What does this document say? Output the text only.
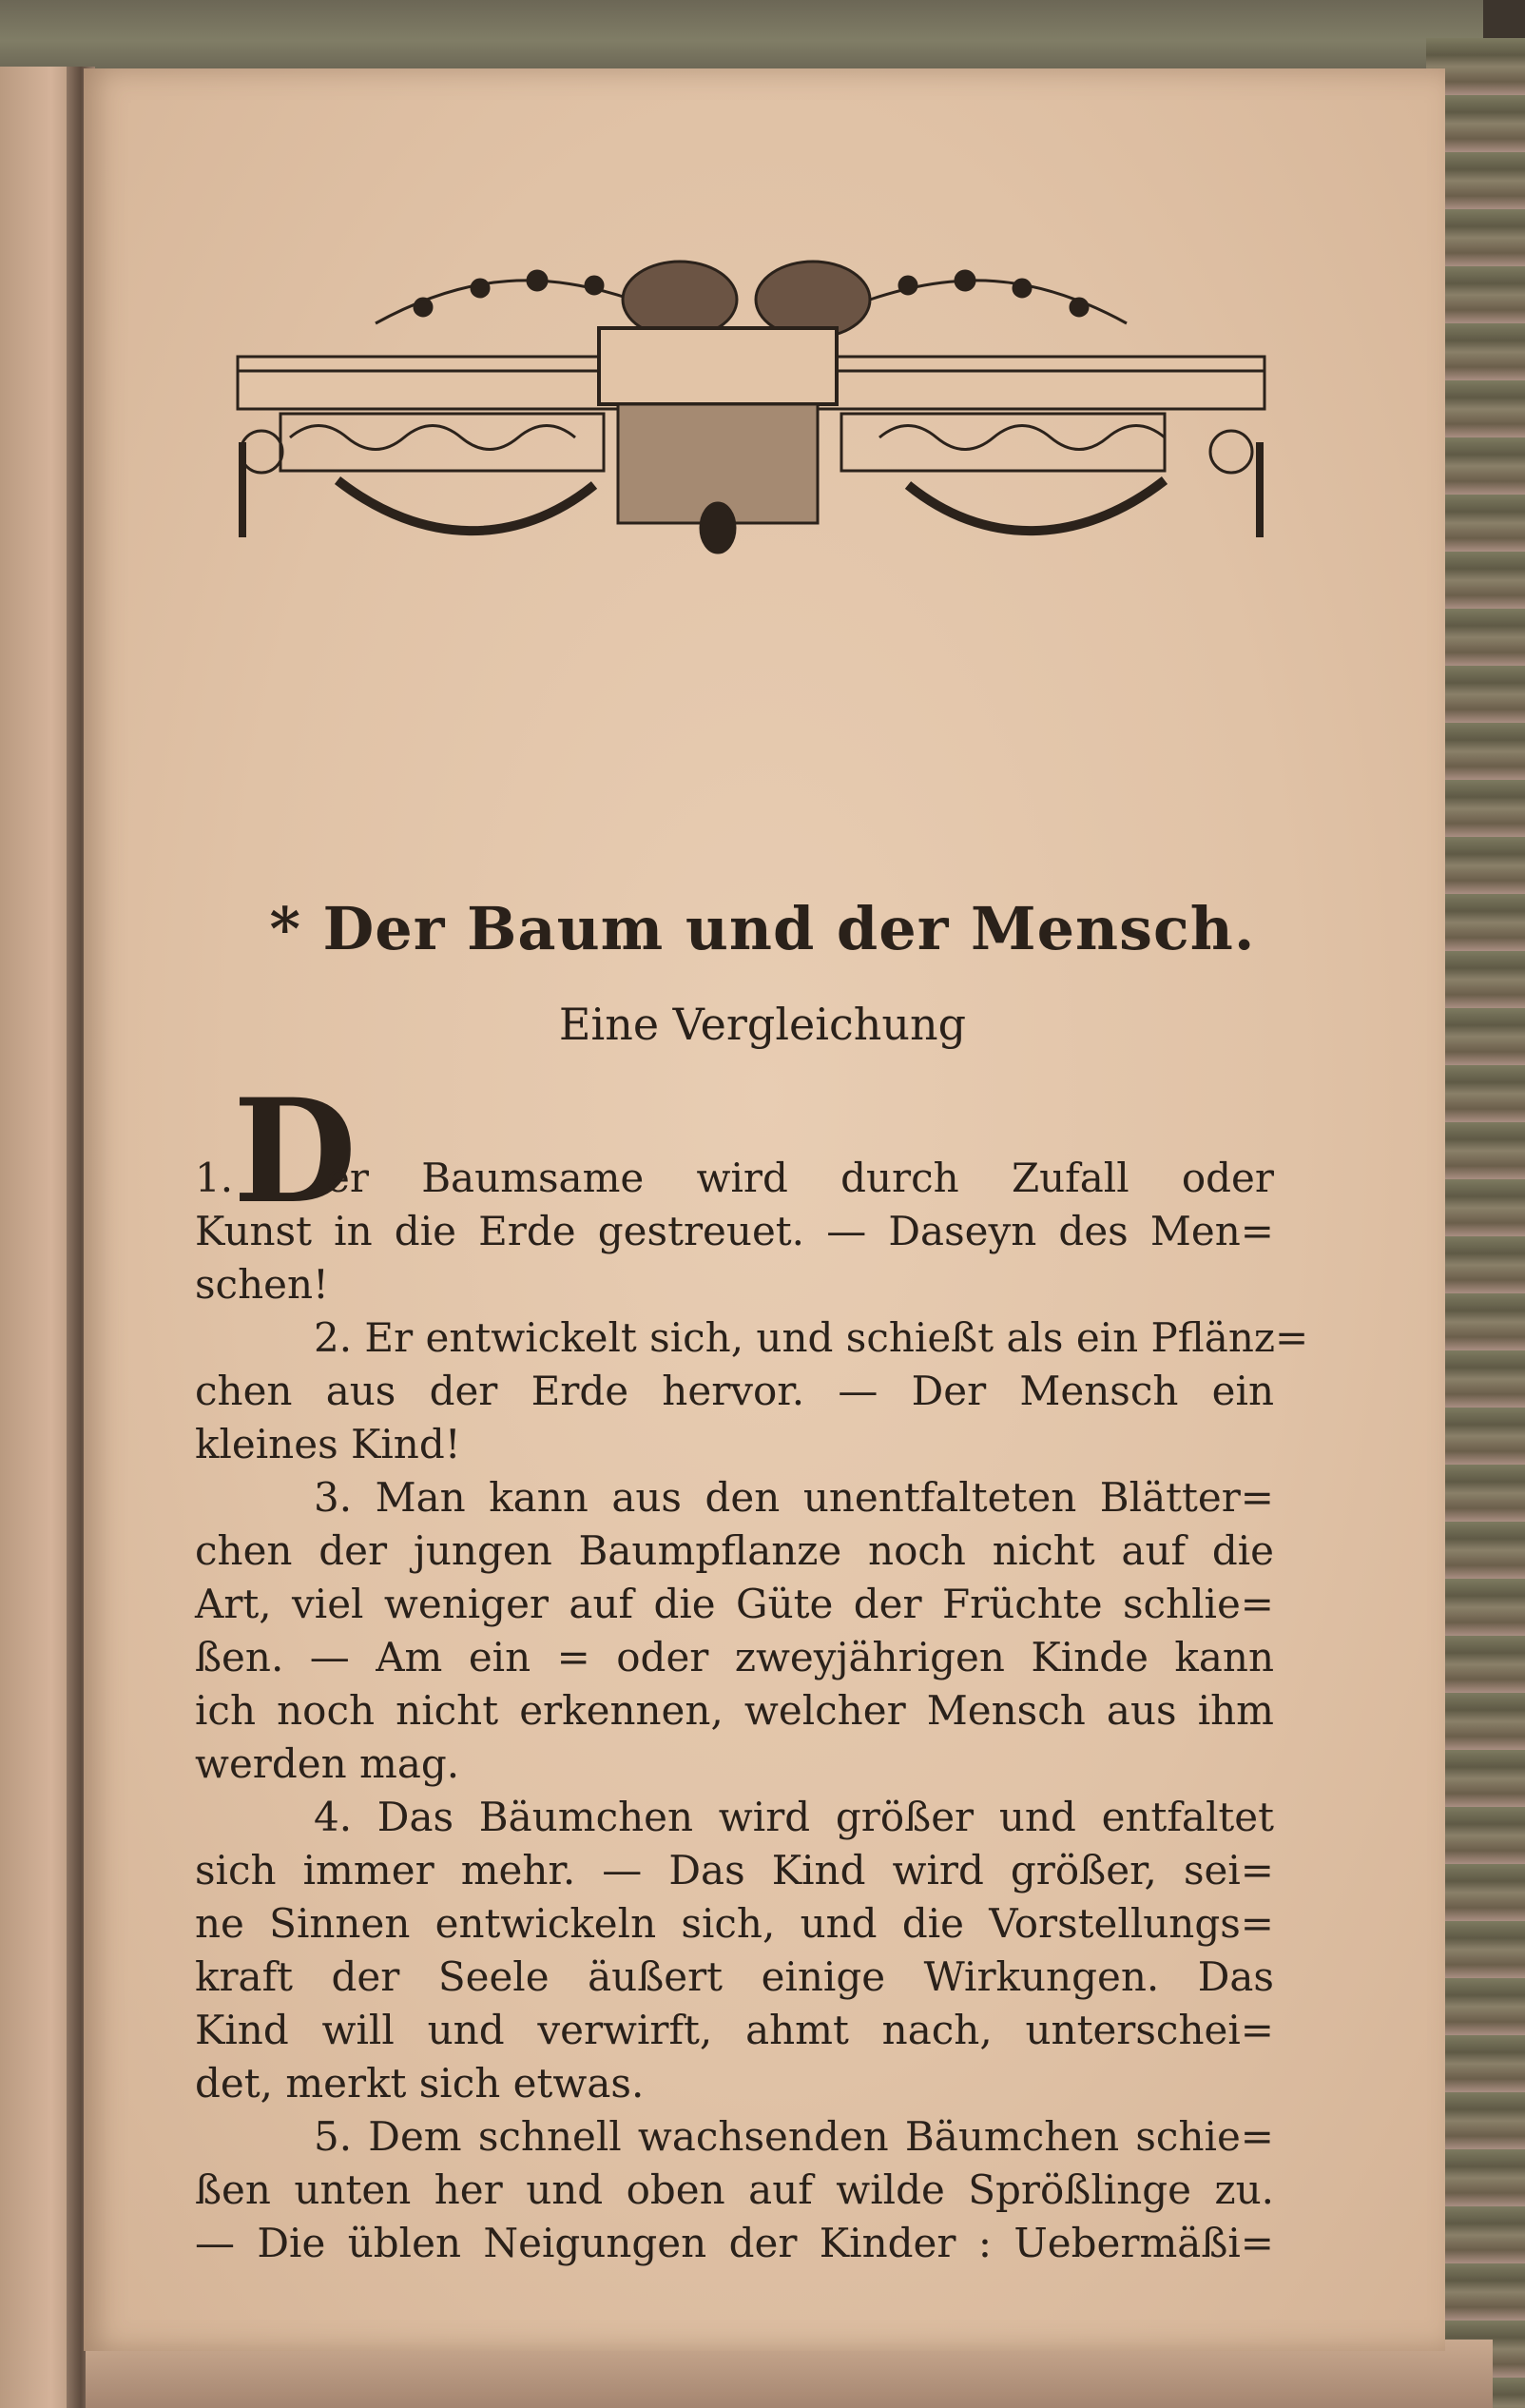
* Der Baum und der Mensch.
Eine Vergleichung
1. D
er Baumsame wird durch Zufall oder
Kunst in die Erde gestreuet. — Daseyn des Men=
schen!
2. Er entwickelt sich, und schießt als ein Pflänz=
chen aus der Erde hervor. — Der Mensch ein
kleines Kind!
3. Man kann aus den unentfalteten Blätter=
chen der jungen Baumpflanze noch nicht auf die
Art, viel weniger auf die Güte der Früchte schlie=
ßen. — Am ein = oder zweyjährigen Kinde kann
ich noch nicht erkennen, welcher Mensch aus ihm
werden mag.
4. Das Bäumchen wird größer und entfaltet
sich immer mehr. — Das Kind wird größer, sei=
ne Sinnen entwickeln sich, und die Vorstellungs=
kraft der Seele äußert einige Wirkungen. Das
Kind will und verwirft, ahmt nach, unterschei=
det, merkt sich etwas.
5. Dem schnell wachsenden Bäumchen schie=
ßen unten her und oben auf wilde Sprößlinge zu.
— Die üblen Neigungen der Kinder : Uebermäßi=
